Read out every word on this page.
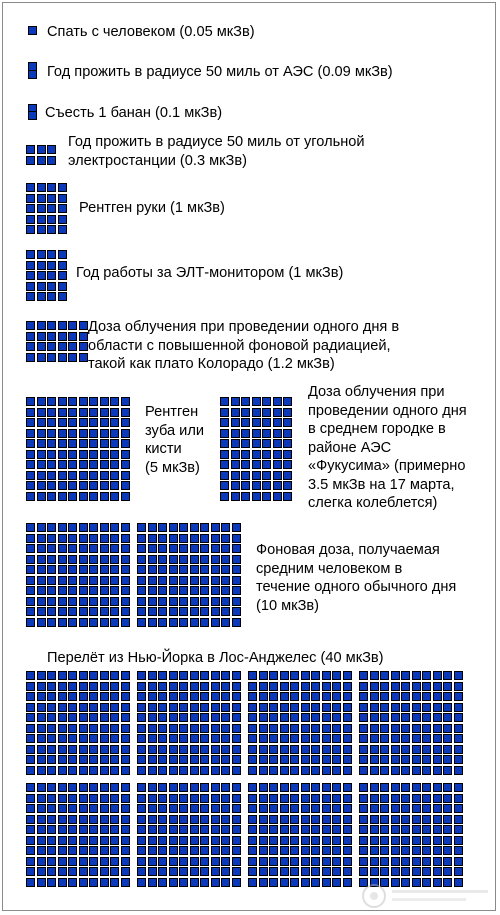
Спать с человеком (0.05 мкЗв)

Год прожить в радиусе 50 миль от АЭС (0.09 мкЗв)

Съесть 1 банан (0.1 мкЗв)

Год прожить в радиусе 50 миль от угольной
электростанции (0.3 мкЗв)

Рентген руки (1 мкЗв)

Год работы за ЭЛТ-монитором (1 мкЗв)

Доза облучения при проведении одного дня в
области с повышенной фоновой радиацией,
такой как плато Колорадо (1.2 мкЗв)
Рентген
зуба или
кисти
(5 мкЗв)
Доза облучения при
проведении одного дня
в среднем городке в
районе АЭС
«Фукусима» (примерно
3.5 мкЗв на 17 марта,
слегка колеблется)
Фоновая доза, получаемая
средним человеком в
течение одного обычного дня
(10 мкЗв)

Перелёт из Нью-Йорка в Лос-Анджелес (40 мкЗв)
